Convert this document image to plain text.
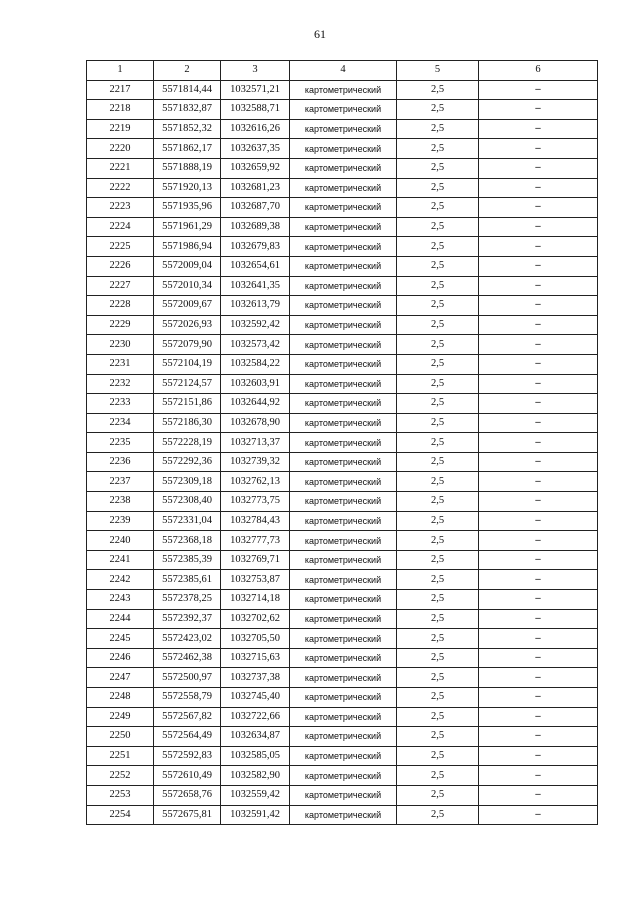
61
1	2	3	4	5	6
2217	5571814,44	1032571,21	картометрический	2,5	–
2218	5571832,87	1032588,71	картометрический	2,5	–
2219	5571852,32	1032616,26	картометрический	2,5	–
2220	5571862,17	1032637,35	картометрический	2,5	–
2221	5571888,19	1032659,92	картометрический	2,5	–
2222	5571920,13	1032681,23	картометрический	2,5	–
2223	5571935,96	1032687,70	картометрический	2,5	–
2224	5571961,29	1032689,38	картометрический	2,5	–
2225	5571986,94	1032679,83	картометрический	2,5	–
2226	5572009,04	1032654,61	картометрический	2,5	–
2227	5572010,34	1032641,35	картометрический	2,5	–
2228	5572009,67	1032613,79	картометрический	2,5	–
2229	5572026,93	1032592,42	картометрический	2,5	–
2230	5572079,90	1032573,42	картометрический	2,5	–
2231	5572104,19	1032584,22	картометрический	2,5	–
2232	5572124,57	1032603,91	картометрический	2,5	–
2233	5572151,86	1032644,92	картометрический	2,5	–
2234	5572186,30	1032678,90	картометрический	2,5	–
2235	5572228,19	1032713,37	картометрический	2,5	–
2236	5572292,36	1032739,32	картометрический	2,5	–
2237	5572309,18	1032762,13	картометрический	2,5	–
2238	5572308,40	1032773,75	картометрический	2,5	–
2239	5572331,04	1032784,43	картометрический	2,5	–
2240	5572368,18	1032777,73	картометрический	2,5	–
2241	5572385,39	1032769,71	картометрический	2,5	–
2242	5572385,61	1032753,87	картометрический	2,5	–
2243	5572378,25	1032714,18	картометрический	2,5	–
2244	5572392,37	1032702,62	картометрический	2,5	–
2245	5572423,02	1032705,50	картометрический	2,5	–
2246	5572462,38	1032715,63	картометрический	2,5	–
2247	5572500,97	1032737,38	картометрический	2,5	–
2248	5572558,79	1032745,40	картометрический	2,5	–
2249	5572567,82	1032722,66	картометрический	2,5	–
2250	5572564,49	1032634,87	картометрический	2,5	–
2251	5572592,83	1032585,05	картометрический	2,5	–
2252	5572610,49	1032582,90	картометрический	2,5	–
2253	5572658,76	1032559,42	картометрический	2,5	–
2254	5572675,81	1032591,42	картометрический	2,5	–
